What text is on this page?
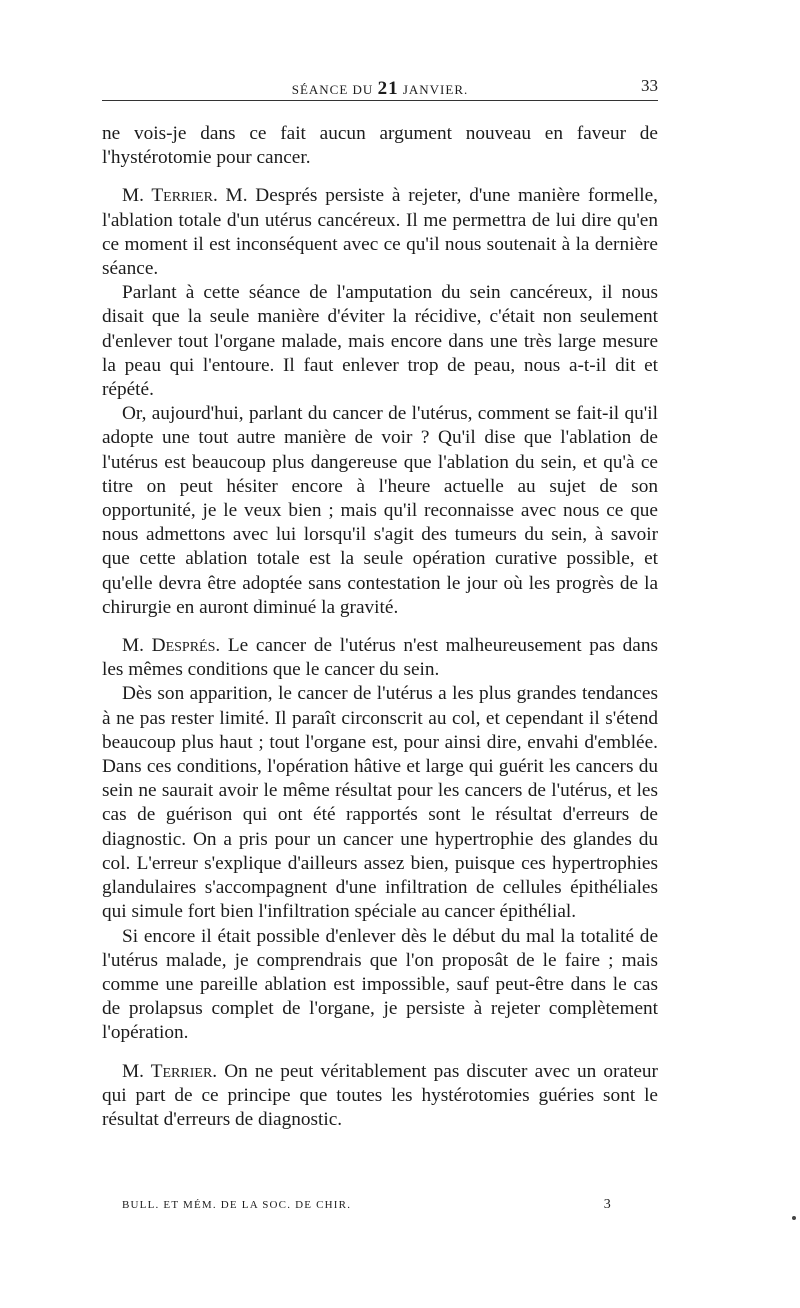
SÉANCE DU 21 JANVIER.	33

ne vois-je dans ce fait aucun argument nouveau en faveur de l'hystérotomie pour cancer.

M. Terrier. M. Després persiste à rejeter, d'une manière formelle, l'ablation totale d'un utérus cancéreux. Il me permettra de lui dire qu'en ce moment il est inconséquent avec ce qu'il nous soutenait à la dernière séance.

Parlant à cette séance de l'amputation du sein cancéreux, il nous disait que la seule manière d'éviter la récidive, c'était non seulement d'enlever tout l'organe malade, mais encore dans une très large mesure la peau qui l'entoure. Il faut enlever trop de peau, nous a-t-il dit et répété.

Or, aujourd'hui, parlant du cancer de l'utérus, comment se fait-il qu'il adopte une tout autre manière de voir ? Qu'il dise que l'ablation de l'utérus est beaucoup plus dangereuse que l'ablation du sein, et qu'à ce titre on peut hésiter encore à l'heure actuelle au sujet de son opportunité, je le veux bien ; mais qu'il reconnaisse avec nous ce que nous admettons avec lui lorsqu'il s'agit des tumeurs du sein, à savoir que cette ablation totale est la seule opération curative possible, et qu'elle devra être adoptée sans contestation le jour où les progrès de la chirurgie en auront diminué la gravité.

M. Després. Le cancer de l'utérus n'est malheureusement pas dans les mêmes conditions que le cancer du sein.

Dès son apparition, le cancer de l'utérus a les plus grandes tendances à ne pas rester limité. Il paraît circonscrit au col, et cependant il s'étend beaucoup plus haut ; tout l'organe est, pour ainsi dire, envahi d'emblée. Dans ces conditions, l'opération hâtive et large qui guérit les cancers du sein ne saurait avoir le même résultat pour les cancers de l'utérus, et les cas de guérison qui ont été rapportés sont le résultat d'erreurs de diagnostic. On a pris pour un cancer une hypertrophie des glandes du col. L'erreur s'explique d'ailleurs assez bien, puisque ces hypertrophies glandulaires s'accompagnent d'une infiltration de cellules épithéliales qui simule fort bien l'infiltration spéciale au cancer épithélial.

Si encore il était possible d'enlever dès le début du mal la totalité de l'utérus malade, je comprendrais que l'on proposât de le faire ; mais comme une pareille ablation est impossible, sauf peut-être dans le cas de prolapsus complet de l'organe, je persiste à rejeter complètement l'opération.

M. Terrier. On ne peut véritablement pas discuter avec un orateur qui part de ce principe que toutes les hystérotomies guéries sont le résultat d'erreurs de diagnostic.

BULL. ET MÉM. DE LA SOC. DE CHIR.	3
